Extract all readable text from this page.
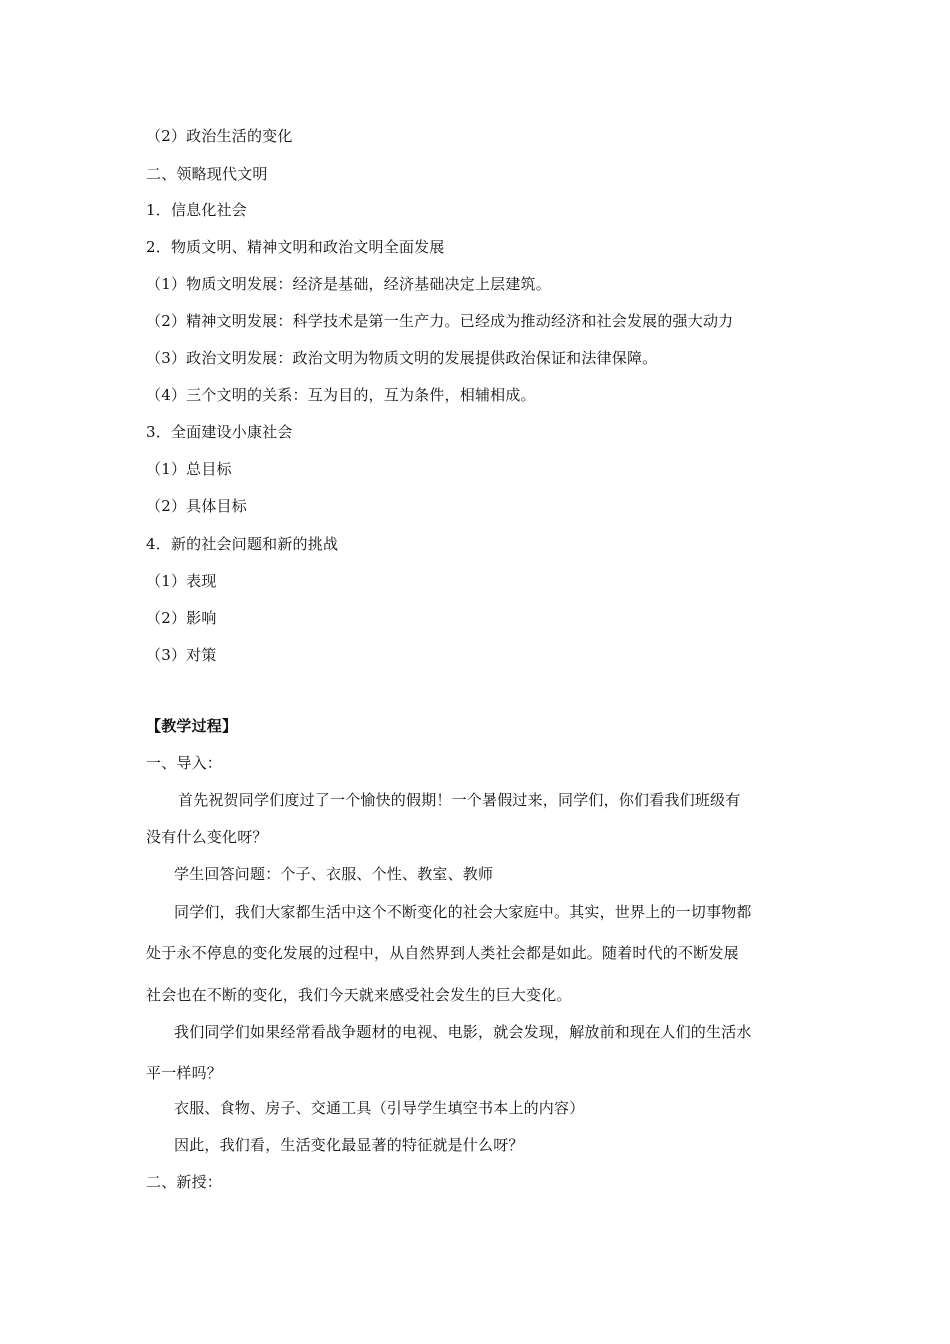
（2）政治生活的变化
二、领略现代文明
1．信息化社会
2．物质文明、精神文明和政治文明全面发展
（1）物质文明发展：经济是基础，经济基础决定上层建筑。
（2）精神文明发展：科学技术是第一生产力。已经成为推动经济和社会发展的强大动力
（3）政治文明发展：政治文明为物质文明的发展提供政治保证和法律保障。
（4）三个文明的关系：互为目的，互为条件，相辅相成。
3．全面建设小康社会
（1）总目标
（2）具体目标
4．新的社会问题和新的挑战
（1）表现
（2）影响
（3）对策
【教学过程】
一、导入：
首先祝贺同学们度过了一个愉快的假期！一个暑假过来，同学们，你们看我们班级有
没有什么变化呀？
学生回答问题：个子、衣服、个性、教室、教师
同学们，我们大家都生活中这个不断变化的社会大家庭中。其实，世界上的一切事物都
处于永不停息的变化发展的过程中，从自然界到人类社会都是如此。随着时代的不断发展
社会也在不断的变化，我们今天就来感受社会发生的巨大变化。
我们同学们如果经常看战争题材的电视、电影，就会发现，解放前和现在人们的生活水
平一样吗？
衣服、食物、房子、交通工具（引导学生填空书本上的内容）
因此，我们看，生活变化最显著的特征就是什么呀？
二、新授：
